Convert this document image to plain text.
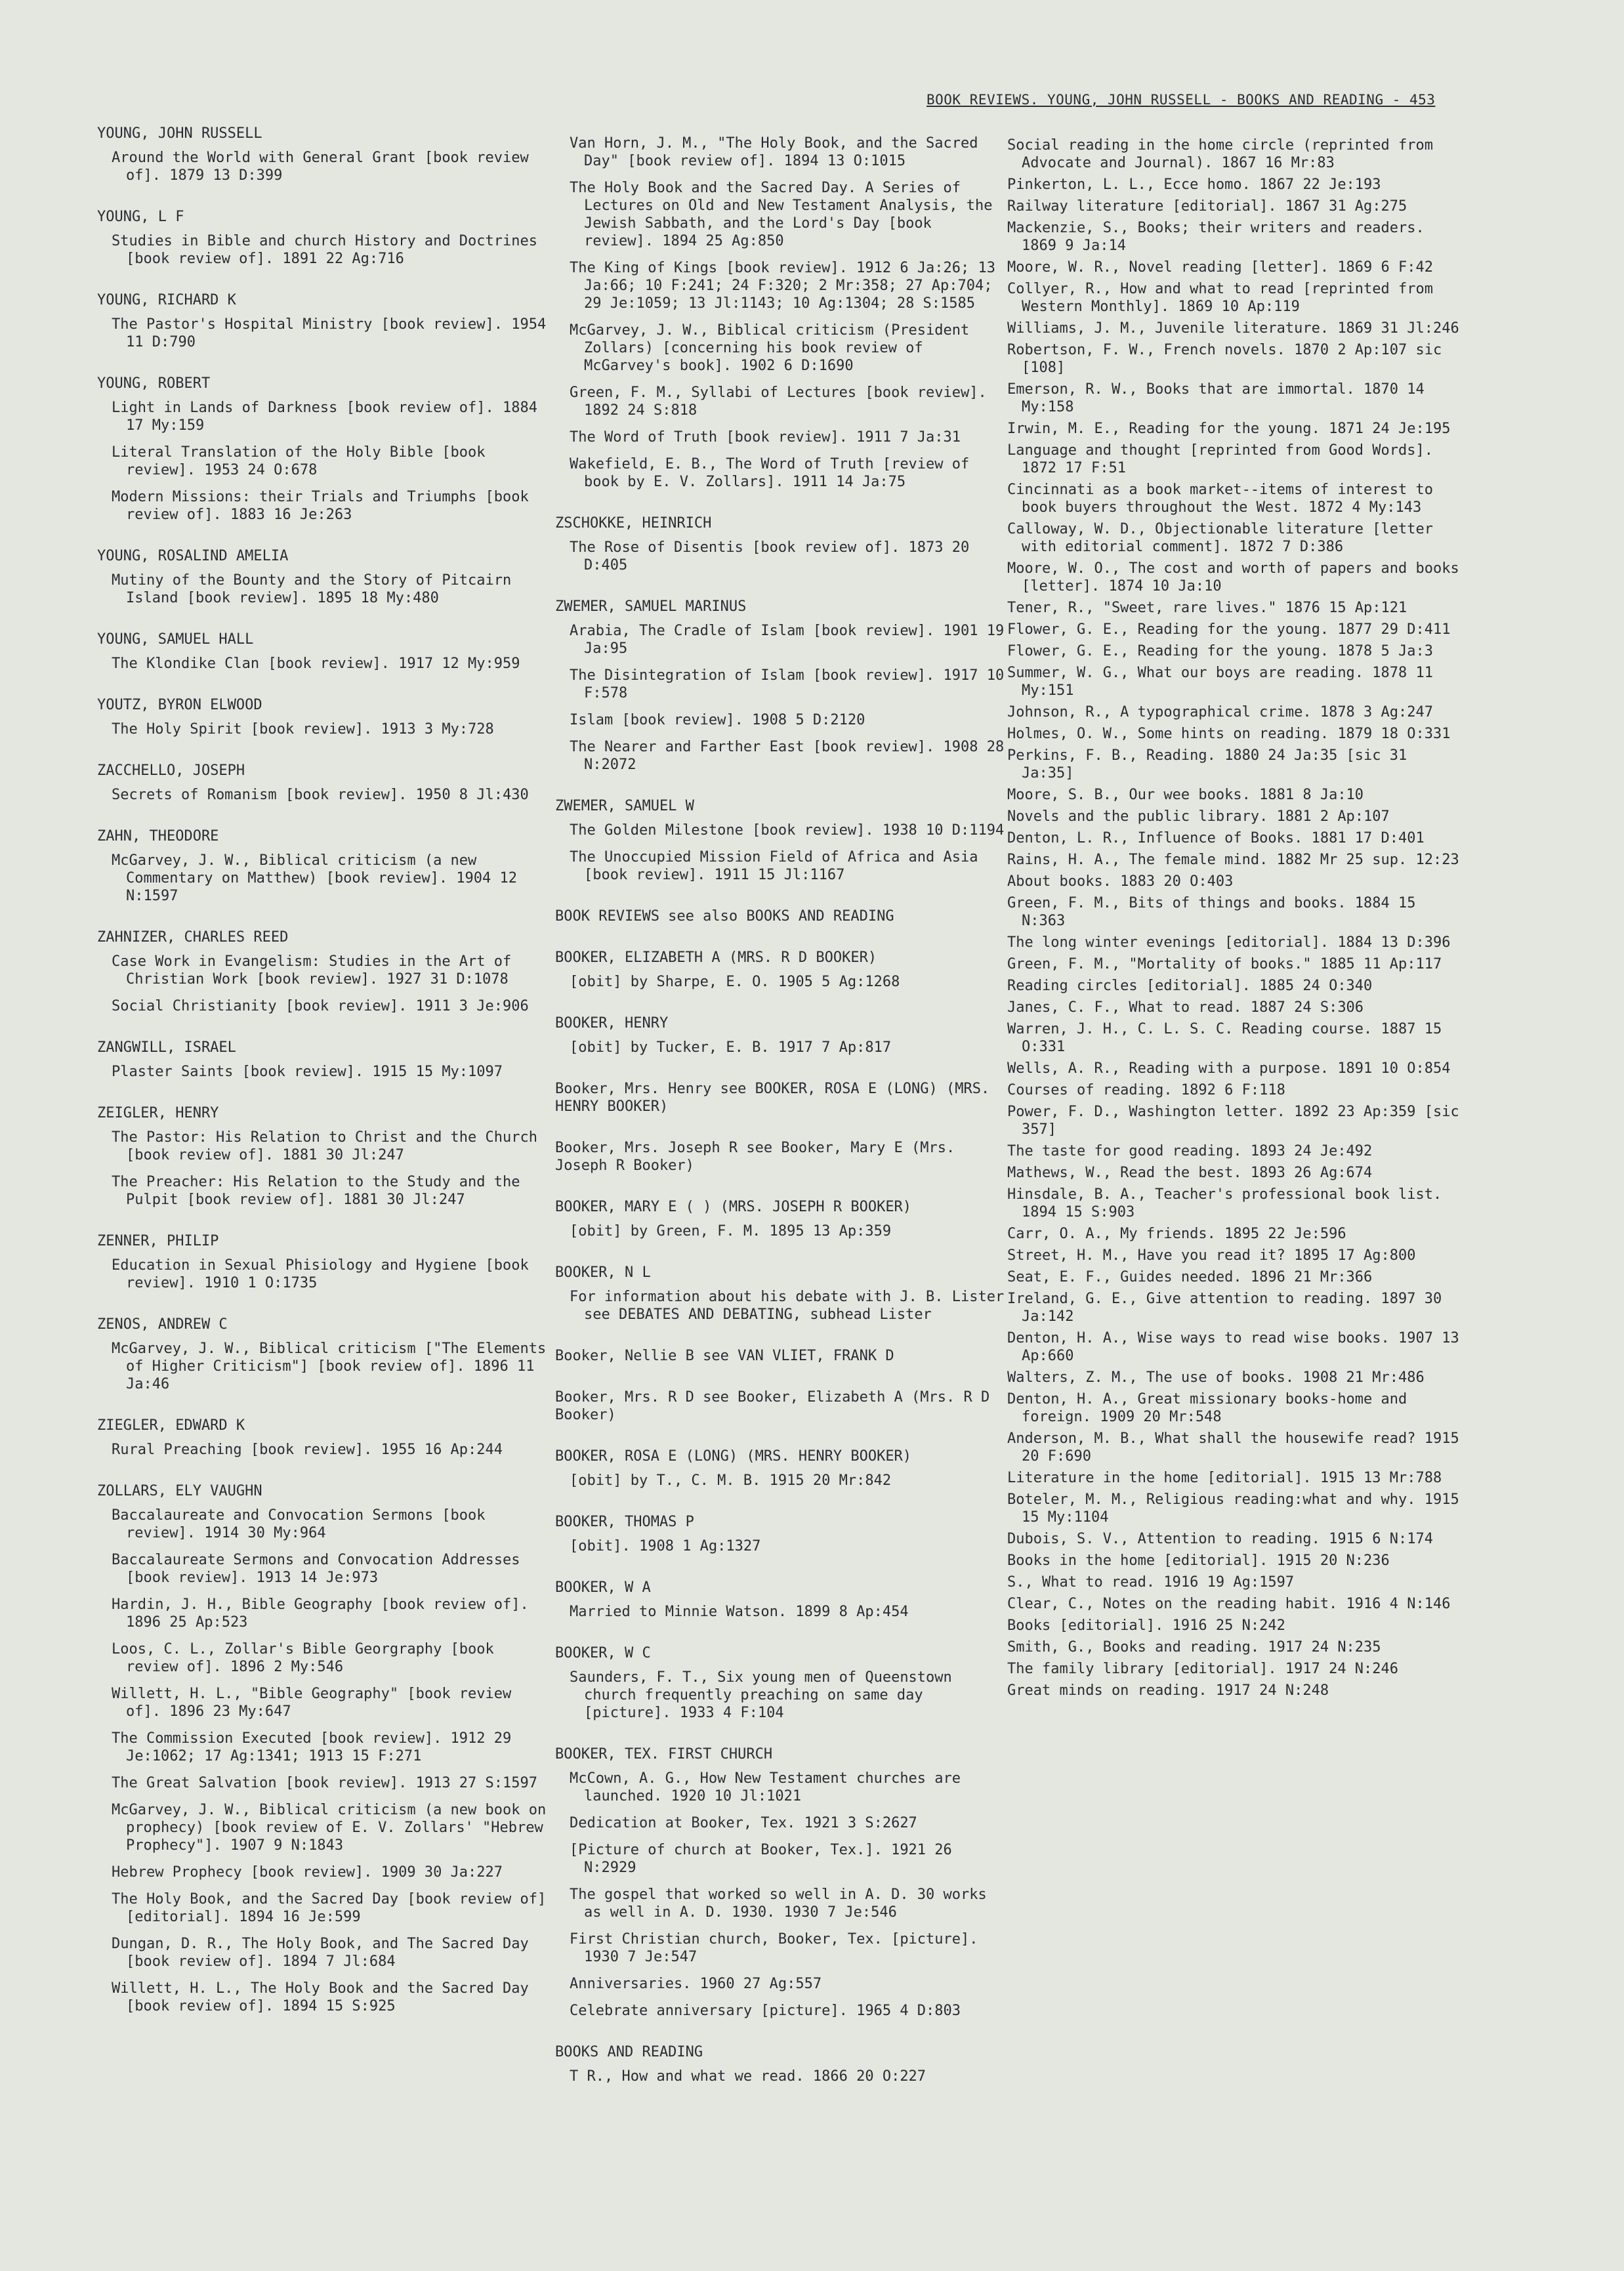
BOOK REVIEWS. YOUNG, JOHN RUSSELL - BOOKS AND READING - 453
YOUNG, JOHN RUSSELL
Around the World with General Grant [book review of]. 1879 13 D:399
YOUNG, L F
Studies in Bible and church History and Doctrines [book review of]. 1891 22 Ag:716
YOUNG, RICHARD K
The Pastor's Hospital Ministry [book review]. 1954 11 D:790
YOUNG, ROBERT
Light in Lands of Darkness [book review of]. 1884 17 My:159
Literal Translation of the Holy Bible [book review]. 1953 24 O:678
Modern Missions: their Trials and Triumphs [book review of]. 1883 16 Je:263
YOUNG, ROSALIND AMELIA
Mutiny of the Bounty and the Story of Pitcairn Island [book review]. 1895 18 My:480
YOUNG, SAMUEL HALL
The Klondike Clan [book review]. 1917 12 My:959
YOUTZ, BYRON ELWOOD
The Holy Spirit [book review]. 1913 3 My:728
ZACCHELLO, JOSEPH
Secrets of Romanism [book review]. 1950 8 Jl:430
ZAHN, THEODORE
McGarvey, J. W., Biblical criticism (a new Commentary on Matthew) [book review]. 1904 12 N:1597
ZAHNIZER, CHARLES REED
Case Work in Evangelism: Studies in the Art of Christian Work [book review]. 1927 31 D:1078
Social Christianity [book review]. 1911 3 Je:906
ZANGWILL, ISRAEL
Plaster Saints [book review]. 1915 15 My:1097
ZEIGLER, HENRY
The Pastor: His Relation to Christ and the Church [book review of]. 1881 30 Jl:247
The Preacher: His Relation to the Study and the Pulpit [book review of]. 1881 30 Jl:247
ZENNER, PHILIP
Education in Sexual Phisiology and Hygiene [book review]. 1910 1 O:1735
ZENOS, ANDREW C
McGarvey, J. W., Biblical criticism ["The Elements of Higher Criticism"] [book review of]. 1896 11 Ja:46
ZIEGLER, EDWARD K
Rural Preaching [book review]. 1955 16 Ap:244
ZOLLARS, ELY VAUGHN
Baccalaureate and Convocation Sermons [book review]. 1914 30 My:964
Baccalaureate Sermons and Convocation Addresses [book review]. 1913 14 Je:973
Hardin, J. H., Bible Geography [book review of]. 1896 25 Ap:523
Loos, C. L., Zollar's Bible Georgraphy [book review of]. 1896 2 My:546
Willett, H. L., "Bible Geography" [book review of]. 1896 23 My:647
The Commission Executed [book review]. 1912 29 Je:1062; 17 Ag:1341; 1913 15 F:271
The Great Salvation [book review]. 1913 27 S:1597
McGarvey, J. W., Biblical criticism (a new book on prophecy) [book review of E. V. Zollars' "Hebrew Prophecy"]. 1907 9 N:1843
Hebrew Prophecy [book review]. 1909 30 Ja:227
The Holy Book, and the Sacred Day [book review of] [editorial]. 1894 16 Je:599
Dungan, D. R., The Holy Book, and The Sacred Day [book review of]. 1894 7 Jl:684
Willett, H. L., The Holy Book and the Sacred Day [book review of]. 1894 15 S:925
Van Horn, J. M., "The Holy Book, and the Sacred Day" [book review of]. 1894 13 O:1015
The Holy Book and the Sacred Day. A Series of Lectures on Old and New Testament Analysis, the Jewish Sabbath, and the Lord's Day [book review]. 1894 25 Ag:850
The King of Kings [book review]. 1912 6 Ja:26; 13 Ja:66; 10 F:241; 24 F:320; 2 Mr:358; 27 Ap:704; 29 Je:1059; 13 Jl:1143; 10 Ag:1304; 28 S:1585
McGarvey, J. W., Biblical criticism (President Zollars) [concerning his book review of McGarvey's book]. 1902 6 D:1690
Green, F. M., Syllabi of Lectures [book review]. 1892 24 S:818
The Word of Truth [book review]. 1911 7 Ja:31
Wakefield, E. B., The Word of Truth [review of book by E. V. Zollars]. 1911 14 Ja:75
ZSCHOKKE, HEINRICH
The Rose of Disentis [book review of]. 1873 20 D:405
ZWEMER, SAMUEL MARINUS
Arabia, The Cradle of Islam [book review]. 1901 19 Ja:95
The Disintegration of Islam [book review]. 1917 10 F:578
Islam [book review]. 1908 5 D:2120
The Nearer and Farther East [book review]. 1908 28 N:2072
ZWEMER, SAMUEL W
The Golden Milestone [book review]. 1938 10 D:1194
The Unoccupied Mission Field of Africa and Asia [book review]. 1911 15 Jl:1167
BOOK REVIEWS see also BOOKS AND READING
BOOKER, ELIZABETH A (MRS. R D BOOKER)
[obit] by Sharpe, E. O. 1905 5 Ag:1268
BOOKER, HENRY
[obit] by Tucker, E. B. 1917 7 Ap:817
Booker, Mrs. Henry see BOOKER, ROSA E (LONG) (MRS. HENRY BOOKER)
Booker, Mrs. Joseph R see Booker, Mary E (Mrs. Joseph R Booker)
BOOKER, MARY E ( ) (MRS. JOSEPH R BOOKER)
[obit] by Green, F. M. 1895 13 Ap:359
BOOKER, N L
For information about his debate with J. B. Lister see DEBATES AND DEBATING, subhead Lister
Booker, Nellie B see VAN VLIET, FRANK D
Booker, Mrs. R D see Booker, Elizabeth A (Mrs. R D Booker)
BOOKER, ROSA E (LONG) (MRS. HENRY BOOKER)
[obit] by T., C. M. B. 1915 20 Mr:842
BOOKER, THOMAS P
[obit]. 1908 1 Ag:1327
BOOKER, W A
Married to Minnie Watson. 1899 8 Ap:454
BOOKER, W C
Saunders, F. T., Six young men of Queenstown church frequently preaching on same day [picture]. 1933 4 F:104
BOOKER, TEX. FIRST CHURCH
McCown, A. G., How New Testament churches are launched. 1920 10 Jl:1021
Dedication at Booker, Tex. 1921 3 S:2627
[Picture of church at Booker, Tex.]. 1921 26 N:2929
The gospel that worked so well in A. D. 30 works as well in A. D. 1930. 1930 7 Je:546
First Christian church, Booker, Tex. [picture]. 1930 7 Je:547
Anniversaries. 1960 27 Ag:557
Celebrate anniversary [picture]. 1965 4 D:803
BOOKS AND READING
T R., How and what we read. 1866 20 O:227
Social reading in the home circle (reprinted from Advocate and Journal). 1867 16 Mr:83
Pinkerton, L. L., Ecce homo. 1867 22 Je:193
Railway literature [editorial]. 1867 31 Ag:275
Mackenzie, S., Books; their writers and readers. 1869 9 Ja:14
Moore, W. R., Novel reading [letter]. 1869 6 F:42
Collyer, R., How and what to read [reprinted from Western Monthly]. 1869 10 Ap:119
Williams, J. M., Juvenile literature. 1869 31 Jl:246
Robertson, F. W., French novels. 1870 2 Ap:107 sic [108]
Emerson, R. W., Books that are immortal. 1870 14 My:158
Irwin, M. E., Reading for the young. 1871 24 Je:195
Language and thought [reprinted from Good Words]. 1872 17 F:51
Cincinnati as a book market--items of interest to book buyers throughout the West. 1872 4 My:143
Calloway, W. D., Objectionable literature [letter with editorial comment]. 1872 7 D:386
Moore, W. O., The cost and worth of papers and books [letter]. 1874 10 Ja:10
Tener, R., "Sweet, rare lives." 1876 15 Ap:121
Flower, G. E., Reading for the young. 1877 29 D:411
Flower, G. E., Reading for the young. 1878 5 Ja:3
Summer, W. G., What our boys are reading. 1878 11 My:151
Johnson, R., A typographical crime. 1878 3 Ag:247
Holmes, O. W., Some hints on reading. 1879 18 O:331
Perkins, F. B., Reading. 1880 24 Ja:35 [sic 31 Ja:35]
Moore, S. B., Our wee books. 1881 8 Ja:10
Novels and the public library. 1881 2 Ap:107
Denton, L. R., Influence of Books. 1881 17 D:401
Rains, H. A., The female mind. 1882 Mr 25 sup. 12:23
About books. 1883 20 O:403
Green, F. M., Bits of things and books. 1884 15 N:363
The long winter evenings [editorial]. 1884 13 D:396
Green, F. M., "Mortality of books." 1885 11 Ap:117
Reading circles [editorial]. 1885 24 O:340
Janes, C. F., What to read. 1887 24 S:306
Warren, J. H., C. L. S. C. Reading course. 1887 15 O:331
Wells, A. R., Reading with a purpose. 1891 10 O:854
Courses of reading. 1892 6 F:118
Power, F. D., Washington letter. 1892 23 Ap:359 [sic 357]
The taste for good reading. 1893 24 Je:492
Mathews, W., Read the best. 1893 26 Ag:674
Hinsdale, B. A., Teacher's professional book list. 1894 15 S:903
Carr, O. A., My friends. 1895 22 Je:596
Street, H. M., Have you read it? 1895 17 Ag:800
Seat, E. F., Guides needed. 1896 21 Mr:366
Ireland, G. E., Give attention to reading. 1897 30 Ja:142
Denton, H. A., Wise ways to read wise books. 1907 13 Ap:660
Walters, Z. M., The use of books. 1908 21 Mr:486
Denton, H. A., Great missionary books-home and foreign. 1909 20 Mr:548
Anderson, M. B., What shall the housewife read? 1915 20 F:690
Literature in the home [editorial]. 1915 13 Mr:788
Boteler, M. M., Religious reading:what and why. 1915 15 My:1104
Dubois, S. V., Attention to reading. 1915 6 N:174
Books in the home [editorial]. 1915 20 N:236
S., What to read. 1916 19 Ag:1597
Clear, C., Notes on the reading habit. 1916 4 N:146
Books [editorial]. 1916 25 N:242
Smith, G., Books and reading. 1917 24 N:235
The family library [editorial]. 1917 24 N:246
Great minds on reading. 1917 24 N:248
